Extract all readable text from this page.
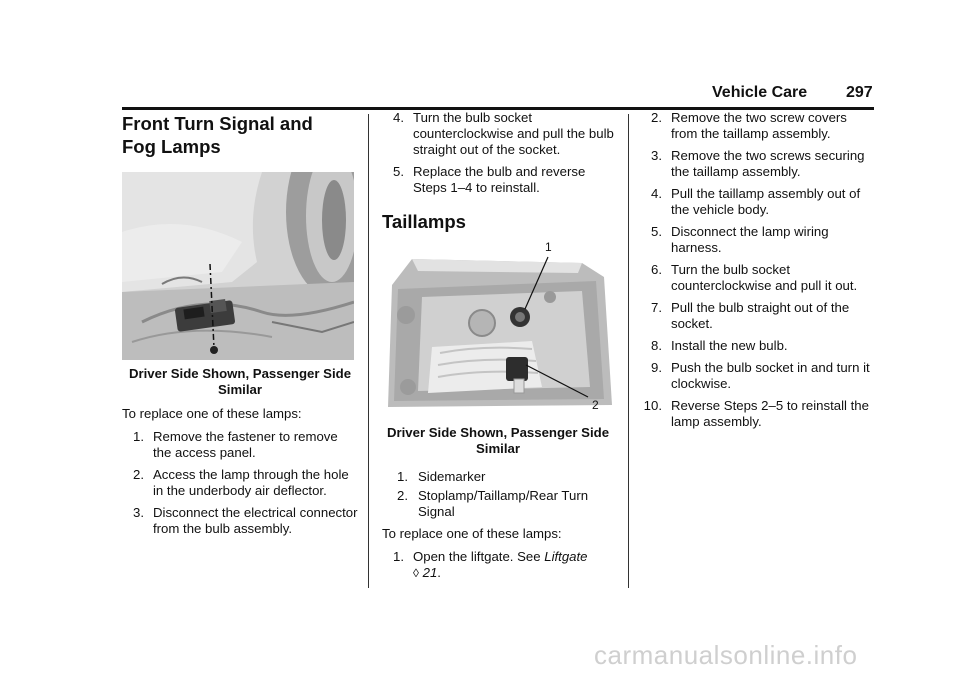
Vehicle Care 297
Front Turn Signal and Fog Lamps

Driver Side Shown, Passenger Side Similar

To replace one of these lamps:

1. Remove the fastener to remove the access panel.
2. Access the lamp through the hole in the underbody air deflector.
3. Disconnect the electrical connector from the bulb assembly.
4. Turn the bulb socket counterclockwise and pull the bulb straight out of the socket.
5. Replace the bulb and reverse Steps 1–4 to reinstall.
Taillamps
1
2

Driver Side Shown, Passenger Side Similar

1. Sidemarker
2. Stoplamp/Taillamp/Rear Turn Signal

To replace one of these lamps:

1. Open the liftgate. See Liftgate
◊ 21.
2. Remove the two screw covers from the taillamp assembly.
3. Remove the two screws securing the taillamp assembly.
4. Pull the taillamp assembly out of the vehicle body.
5. Disconnect the lamp wiring harness.
6. Turn the bulb socket counterclockwise and pull it out.
7. Pull the bulb straight out of the socket.
8. Install the new bulb.
9. Push the bulb socket in and turn it clockwise.
10. Reverse Steps 2–5 to reinstall the lamp assembly.
carmanualsonline.info
